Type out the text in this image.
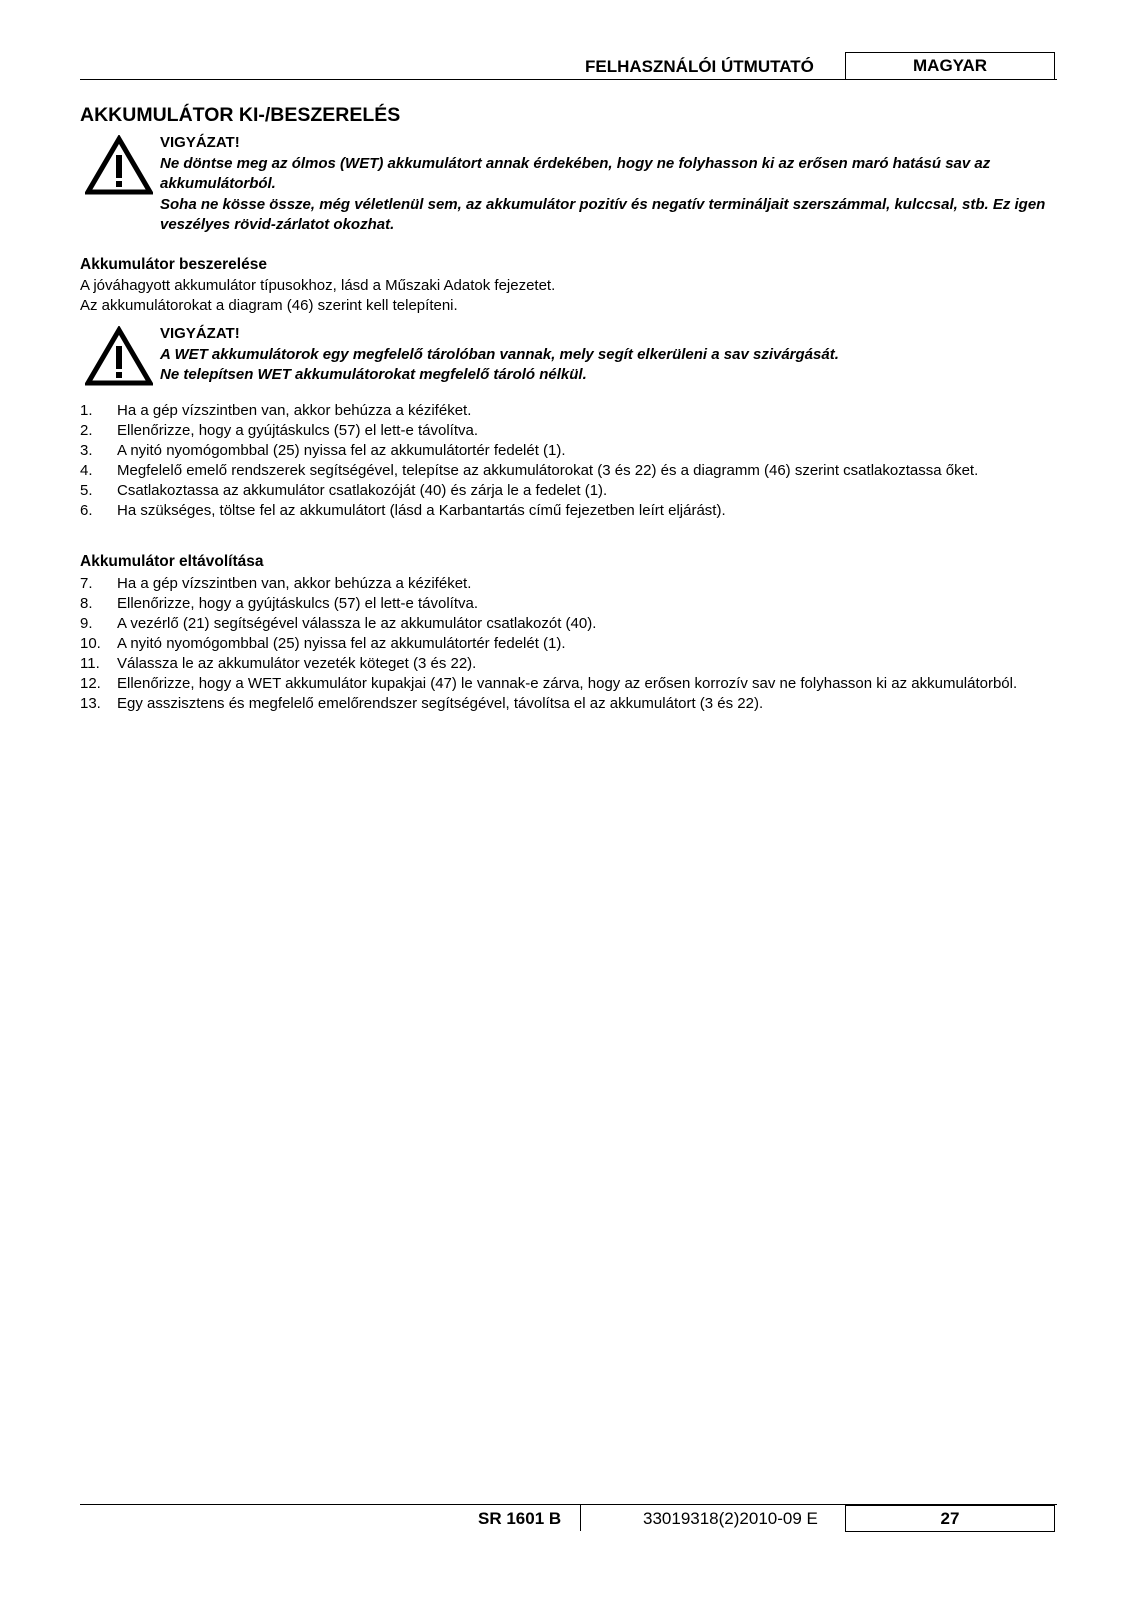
FELHASZNÁLÓI ÚTMUTATÓ	MAGYAR
AKKUMULÁTOR KI-/BESZERELÉS
VIGYÁZAT!
Ne döntse meg az ólmos (WET) akkumulátort annak érdekében, hogy ne folyhasson ki az erősen maró hatású sav az akkumulátorból.
Soha ne kösse össze, még véletlenül sem, az akkumulátor pozitív és negatív termináljait szerszámmal, kulccsal, stb. Ez igen veszélyes rövid-zárlatot okozhat.
Akkumulátor beszerelése
A jóváhagyott akkumulátor típusokhoz, lásd a Műszaki Adatok fejezetet.
Az akkumulátorokat a diagram (46) szerint kell telepíteni.
VIGYÁZAT!
A WET akkumulátorok egy megfelelő tárolóban vannak, mely segít elkerüleni a sav szivárgását.
Ne telepítsen WET akkumulátorokat megfelelő tároló nélkül.
1. Ha a gép vízszintben van, akkor behúzza a kéziféket.
2. Ellenőrizze, hogy a gyújtáskulcs (57) el lett-e távolítva.
3. A nyitó nyomógombbal (25) nyissa fel az akkumulátortér fedelét (1).
4. Megfelelő emelő rendszerek segítségével, telepítse az akkumulátorokat (3 és 22) és a diagramm (46) szerint csatlakoztassa őket.
5. Csatlakoztassa az akkumulátor csatlakozóját (40) és zárja le a fedelet (1).
6. Ha szükséges, töltse fel az akkumulátort (lásd a Karbantartás című fejezetben leírt eljárást).
Akkumulátor eltávolítása
7. Ha a gép vízszintben van, akkor behúzza a kéziféket.
8. Ellenőrizze, hogy a gyújtáskulcs (57) el lett-e távolítva.
9. A vezérlő (21) segítségével válassza le az akkumulátor csatlakozót (40).
10. A nyitó nyomógombbal (25) nyissa fel az akkumulátortér fedelét (1).
11. Válassza le az akkumulátor vezeték köteget (3 és 22).
12. Ellenőrizze, hogy a WET akkumulátor kupakjai (47) le vannak-e zárva, hogy az erősen korrozív sav ne folyhasson ki az akkumulátorból.
13. Egy asszisztens és megfelelő emelőrendszer segítségével, távolítsa el az akkumulátort (3 és 22).
SR 1601 B	33019318(2)2010-09 E	27
